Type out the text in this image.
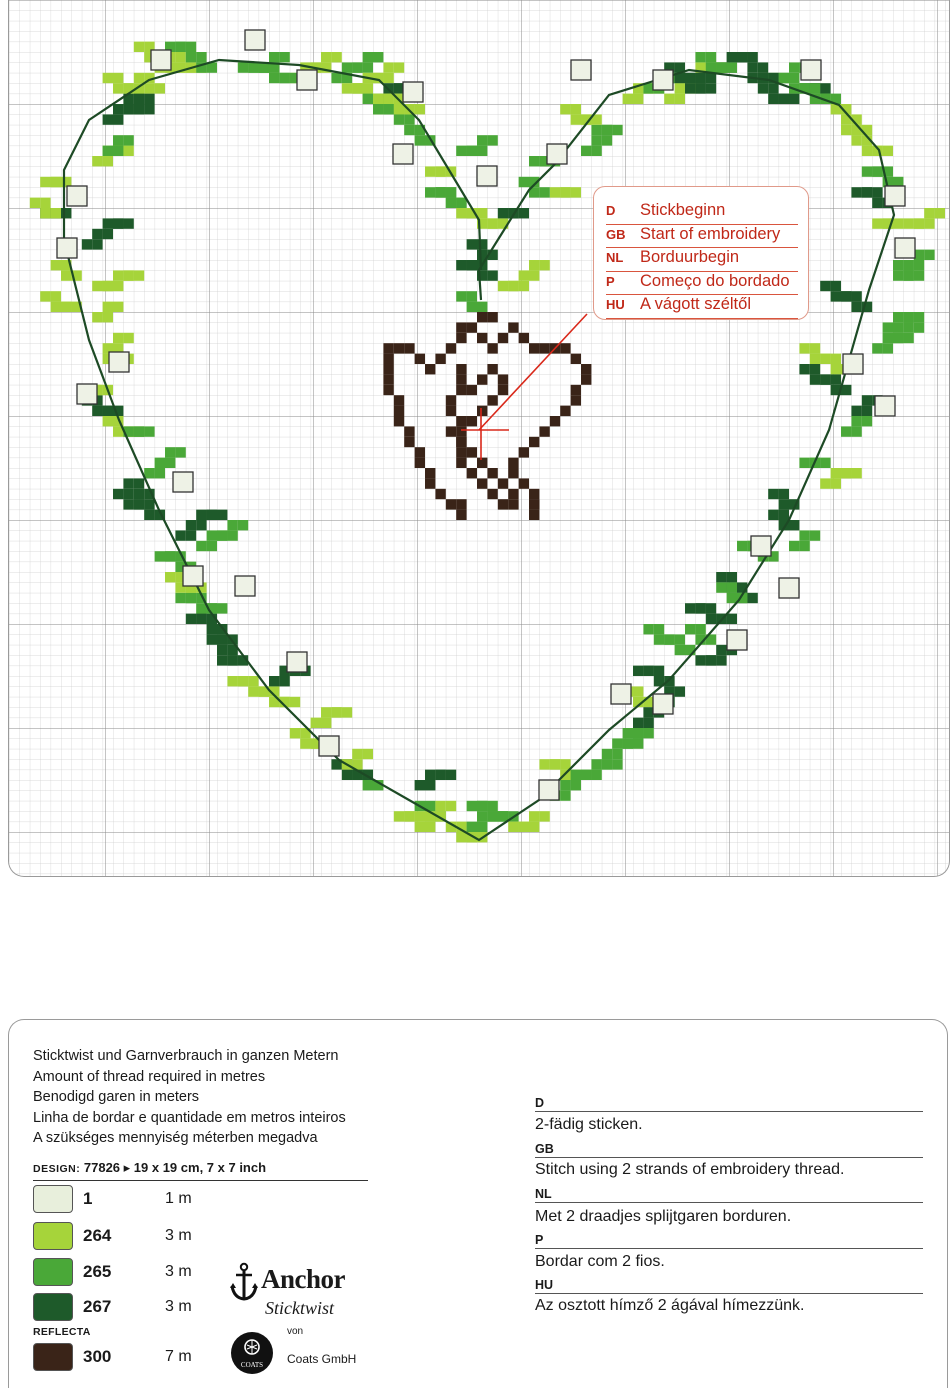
D	Stickbeginn
GB Start of embroidery
NL	Borduurbegin
P	Começo do bordado
HU A vágott széltől
Sticktwist und Garnverbrauch in ganzen Metern
Amount of thread required in metres
Benodigd garen in meters
Linha de bordar e quantidade em metros inteiros
A szükséges mennyiség méterben megadva
DESIGN: 77826 ▸ 19 x 19 cm, 7 x 7 inch
1	1 m
264	3 m
265	3 m
267	3 m
REFLECTA
300	7 m
Anchor
Sticktwist
von
COATS Coats GmbH
D
2-fädig sticken.
GB
Stitch using 2 strands of embroidery thread.
NL
Met 2 draadjes splijtgaren borduren.
P
Bordar com 2 fios.
HU
Az osztott hímző 2 ágával hímezzünk.
